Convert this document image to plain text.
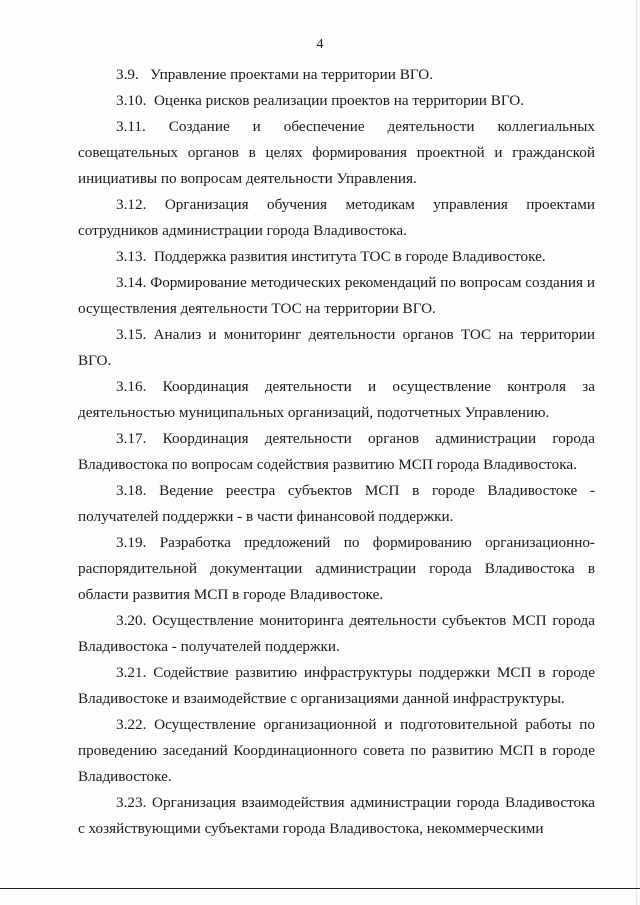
4

3.9.   Управление проектами на территории ВГО.

3.10.  Оценка рисков реализации проектов на территории ВГО.

3.11. Создание и обеспечение деятельности коллегиальных совещательных органов в целях формирования проектной и гражданской инициативы по вопросам деятельности Управления.

3.12. Организация обучения методикам управления проектами сотрудников администрации города Владивостока.

3.13.  Поддержка развития института ТОС в городе Владивостоке.

3.14. Формирование методических рекомендаций по вопросам создания и осуществления деятельности ТОС на территории ВГО.

3.15. Анализ и мониторинг деятельности органов ТОС на территории ВГО.

3.16. Координация деятельности и осуществление контроля за деятельностью муниципальных организаций, подотчетных Управлению.

3.17. Координация деятельности органов администрации города Владивостока по вопросам содействия развитию МСП города Владивостока.

3.18. Ведение реестра субъектов МСП в городе Владивостоке - получателей поддержки - в части финансовой поддержки.

3.19. Разработка предложений по формированию организационно-распорядительной документации администрации города Владивостока в области развития МСП в городе Владивостоке.

3.20. Осуществление мониторинга деятельности субъектов МСП города Владивостока - получателей поддержки.

3.21. Содействие развитию инфраструктуры поддержки МСП в городе Владивостоке и взаимодействие с организациями данной инфраструктуры.

3.22. Осуществление организационной и подготовительной работы по проведению заседаний Координационного совета по развитию МСП в городе Владивостоке.

3.23. Организация взаимодействия администрации города Владивостока с хозяйствующими субъектами города Владивостока, некоммерческими
